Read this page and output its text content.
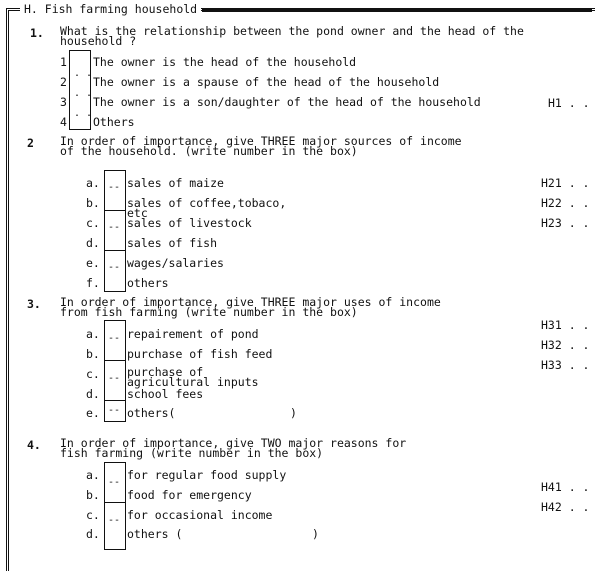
H. Fish farming household
1. What is the relationship between the pond owner and the head of the
household ?
. .
. .
. .
1 The owner is the head of the household
2 The owner is a spause of the head of the household
3 The owner is a son/daughter of the head of the household
4 Others
H1 . .
2 In order of importance, give THREE major sources of income
of the household. (write number in the box)
--
--
--
a. sales of maize
b. sales of coffee,tobaco,
etc
c. sales of livestock
d. sales of fish
e. wages/salaries
f. others
H21 . .
H22 . .
H23 . .
3. In order of importance, give THREE major uses of income
from fish farming (write number in the box)
--
--
--
a. repairement of pond
b. purchase of fish feed
c. purchase of
agricultural inputs
d. school fees
e. others(	)
H31 . .
H32 . .
H33 . .
4. In order of importance, give TWO major reasons for
fish farming (write number in the box)
--
--
a. for regular food supply
b. food for emergency
c. for occasional income
d. others (	)
H41 . .
H42 . .
